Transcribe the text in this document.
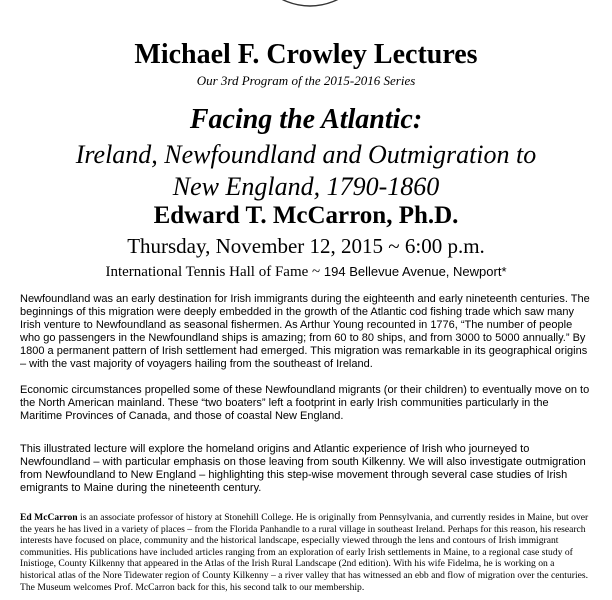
Michael F. Crowley Lectures
Our 3rd Program of the 2015-2016 Series
Facing the Atlantic:
Ireland, Newfoundland and Outmigration to
New England, 1790-1860
Edward T. McCarron, Ph.D.
Thursday, November 12, 2015 ~ 6:00 p.m.
International Tennis Hall of Fame ~ 194 Bellevue Avenue, Newport*

Newfoundland was an early destination for Irish immigrants during the eighteenth and early nineteenth centuries. The beginnings of this migration were deeply embedded in the growth of the Atlantic cod fishing trade which saw many Irish venture to Newfoundland as seasonal fishermen. As Arthur Young recounted in 1776, “The number of people who go passengers in the Newfoundland ships is amazing; from 60 to 80 ships, and from 3000 to 5000 annually.” By 1800 a permanent pattern of Irish settlement had emerged. This migration was remarkable in its geographical origins – with the vast majority of voyagers hailing from the southeast of Ireland.

Economic circumstances propelled some of these Newfoundland migrants (or their children) to eventually move on to the North American mainland. These “two boaters” left a footprint in early Irish communities particularly in the Maritime Provinces of Canada, and those of coastal New England.

This illustrated lecture will explore the homeland origins and Atlantic experience of Irish who journeyed to Newfoundland – with particular emphasis on those leaving from south Kilkenny. We will also investigate outmigration from Newfoundland to New England – highlighting this step-wise movement through several case studies of Irish emigrants to Maine during the nineteenth century.

Ed McCarron is an associate professor of history at Stonehill College. He is originally from Pennsylvania, and currently resides in Maine, but over the years he has lived in a variety of places – from the Florida Panhandle to a rural village in southeast Ireland. Perhaps for this reason, his research interests have focused on place, community and the historical landscape, especially viewed through the lens and contours of Irish immigrant communities. His publications have included articles ranging from an exploration of early Irish settlements in Maine, to a regional case study of Inistioge, County Kilkenny that appeared in the Atlas of the Irish Rural Landscape (2nd edition). With his wife Fidelma, he is working on a historical atlas of the Nore Tidewater region of County Kilkenny – a river valley that has witnessed an ebb and flow of migration over the centuries. The Museum welcomes Prof. McCarron back for this, his second talk to our membership.
